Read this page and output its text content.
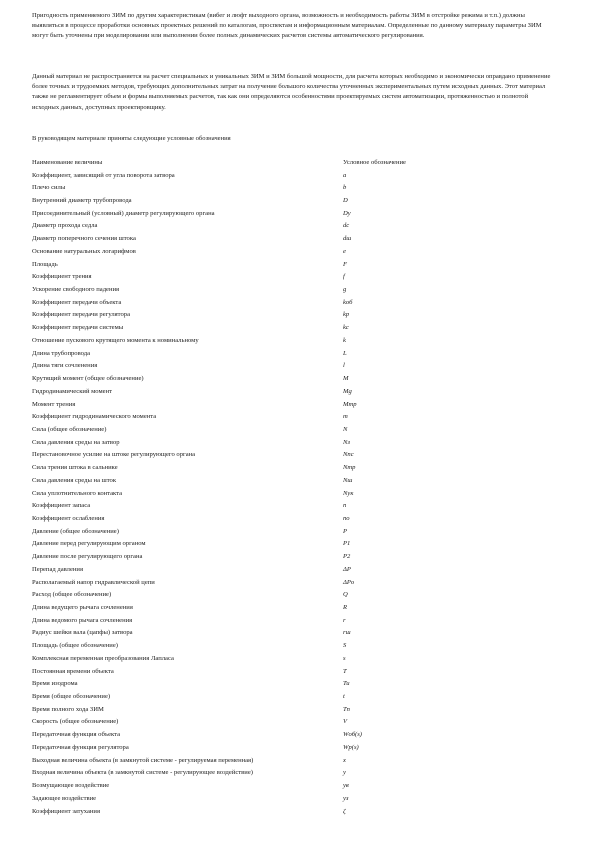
Пригодность применяемого ЗИМ по другим характеристикам (вибег и люфт выходного органа, возможность и необходимость работы ЗИМ в отстройке режима и т.п.) должны выявляться в процессе проработки основных проектных решений по каталогам, проспектам и информационным материалам. Определенные по данному материалу параметры ЗИМ могут быть уточнены при моделировании или выполнении более полных динамических расчетов системы автоматического регулирования.

Данный материал не распространяется на расчет специальных и уникальных ЗИМ и ЗИМ большой мощности, для расчета которых необходимо и экономически оправдано применение более точных и трудоемких методов, требующих дополнительных затрат на получение большого количества уточненных экспериментальных путем исходных данных. Этот материал также не регламентирует объем и формы выполняемых расчетов, так как они определяются особенностями проектируемых систем автоматизации, протяженностью и полнотой исходных данных, доступных проектировщику.

В руководящем материале приняты следующие условные обозначения

Наименование величины	Условное обозначение
Коэффициент, зависящий от угла поворота затвора	a
Плечо силы	b
Внутренний диаметр трубопровода	D
Присоединительный (условный) диаметр регулирующего органа	Dy
Диаметр прохода седла	dc
Диаметр поперечного сечения штока	dш
Основание натуральных логарифмов	e
Площадь	F
Коэффициент трения	f
Ускорение свободного падения	g
Коэффициент передачи объекта	kоб
Коэффициент передачи регулятора	kp
Коэффициент передачи системы	kс
Отношение пускового крутящего момента к номинальному	k
Длина трубопровода	L
Длина тяги сочленения	l
Крутящий момент (общее обозначение)	M
Гидродинамический момент	Mg
Момент трения	Mтр
Коэффициент гидродинамического момента	m
Сила (общее обозначение)	N
Сила давления среды на затвор	Nз
Перестановочное усилие на штоке регулирующего органа	Nпс
Сила трения штока в сальнике	Nтр
Сила давления среды на шток	Nш
Сила уплотнительного контакта	Nук
Коэффициент запаса	n
Коэффициент ослабления	nо
Давление (общее обозначение)	P
Давление перед регулирующим органом	P1
Давление после регулирующего органа	P2
Перепад давления	ΔP
Располагаемый напор гидравлической цепи	ΔPо
Расход (общее обозначение)	Q
Длина ведущего рычага сочленения	R
Длина ведомого рычага сочленения	r
Радиус шейки вала (цапфы) затвора	rш
Площадь (общее обозначение)	S
Комплексная переменная преобразования Лапласа	s
Постоянная времени объекта	T
Время изодрома	Tu
Время (общее обозначение)	t
Время полного хода ЗИМ	Tп
Скорость (общее обозначение)	V
Передаточная функция объекта	Wоб(s)
Передаточная функция регулятора	Wp(s)
Выходная величина объекта (в замкнутой системе - регулируемая переменная)	x
Входная величина объекта (в замкнутой системе - регулирующее воздействие)	y
Возмущающее воздействие	yв
Задающее воздействие	yз
Коэффициент затухания	ζ
